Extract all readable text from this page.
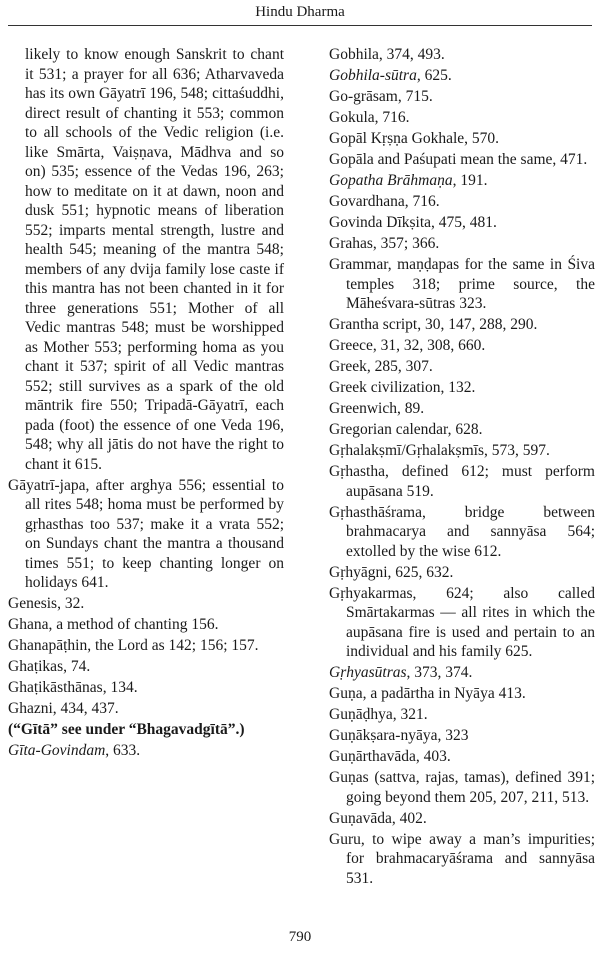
Hindu Dharma

likely to know enough Sanskrit to chant it 531; a prayer for all 636; Atharvaveda has its own Gāyatrī 196, 548; cittaśuddhi, direct result of chanting it 553; common to all schools of the Vedic religion (i.e. like Smārta, Vaiṣṇava, Mādhva and so on) 535; essence of the Vedas 196, 263; how to meditate on it at dawn, noon and dusk 551; hypnotic means of liberation 552; imparts mental strength, lustre and health 545; meaning of the mantra 548; members of any dvija family lose caste if this mantra has not been chanted in it for three generations 551; Mother of all Vedic mantras 548; must be worshipped as Mother 553; performing homa as you chant it 537; spirit of all Vedic mantras 552; still survives as a spark of the old māntrik fire 550; Tripadā-Gāyatrī, each pada (foot) the essence of one Veda 196, 548; why all jātis do not have the right to chant it 615.

Gāyatrī-japa, after arghya 556; essential to all rites 548; homa must be performed by gṛhasthas too 537; make it a vrata 552; on Sundays chant the mantra a thousand times 551; to keep chanting longer on holidays 641.

Genesis, 32.

Ghana, a method of chanting 156.

Ghanapāṭhin, the Lord as 142; 156; 157.

Ghaṭikas, 74.

Ghaṭikāsthānas, 134.

Ghazni, 434, 437.

(“Gītā” see under “Bhagavadgītā”.)

Gīta-Govindam, 633.

Gobhila, 374, 493.

Gobhila-sūtra, 625.

Go-grāsam, 715.

Gokula, 716.

Gopāl Kṛṣṇa Gokhale, 570.

Gopāla and Paśupati mean the same, 471.

Gopatha Brāhmaṇa, 191.

Govardhana, 716.

Govinda Dīkṣita, 475, 481.

Grahas, 357; 366.

Grammar, maṇḍapas for the same in Śiva temples 318; prime source, the Māheśvara-sūtras 323.

Grantha script, 30, 147, 288, 290.

Greece, 31, 32, 308, 660.

Greek, 285, 307.

Greek civilization, 132.

Greenwich, 89.

Gregorian calendar, 628.

Gṛhalakṣmī/Gṛhalakṣmīs, 573, 597.

Gṛhastha, defined 612; must perform aupāsana 519.

Gṛhasthāśrama, bridge between brahmacarya and sannyāsa 564; extolled by the wise 612.

Gṛhyāgni, 625, 632.

Gṛhyakarmas, 624; also called Smārtakarmas — all rites in which the aupāsana fire is used and pertain to an individual and his family 625.

Gṛhyasūtras, 373, 374.

Guṇa, a padārtha in Nyāya 413.

Guṇāḍhya, 321.

Guṇākṣara-nyāya, 323

Guṇārthavāda, 403.

Guṇas (sattva, rajas, tamas), defined 391; going beyond them 205, 207, 211, 513.

Guṇavāda, 402.

Guru, to wipe away a man’s impurities; for brahmacaryāśrama and sannyāsa 531.

790
